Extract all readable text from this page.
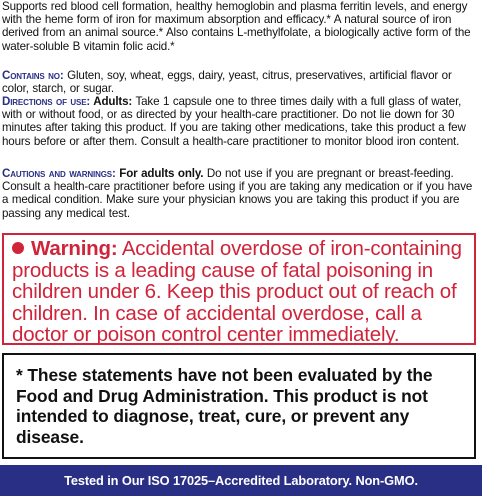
Supports red blood cell formation, healthy hemoglobin and plasma ferritin levels, and energy with the heme form of iron for maximum absorption and efficacy.* A natural source of iron derived from an animal source.* Also contains L-methylfolate, a biologically active form of the water-soluble B vitamin folic acid.*

Contains no: Gluten, soy, wheat, eggs, dairy, yeast, citrus, preservatives, artificial flavor or color, starch, or sugar.

Directions of use: Adults: Take 1 capsule one to three times daily with a full glass of water, with or without food, or as directed by your health-care practitioner. Do not lie down for 30 minutes after taking this product. If you are taking other medications, take this product a few hours before or after them. Consult a health-care practitioner to monitor blood iron content.

Cautions and warnings: For adults only. Do not use if you are pregnant or breast-feeding. Consult a health-care practitioner before using if you are taking any medication or if you have a medical condition. Make sure your physician knows you are taking this product if you are passing any medical test.

Warning: Accidental overdose of iron-containing products is a leading cause of fatal poisoning in children under 6. Keep this product out of reach of children. In case of accidental overdose, call a doctor or poison control center immediately.

* These statements have not been evaluated by the Food and Drug Administration. This product is not intended to diagnose, treat, cure, or prevent any disease.

Tested in Our ISO 17025–Accredited Laboratory. Non-GMO.
